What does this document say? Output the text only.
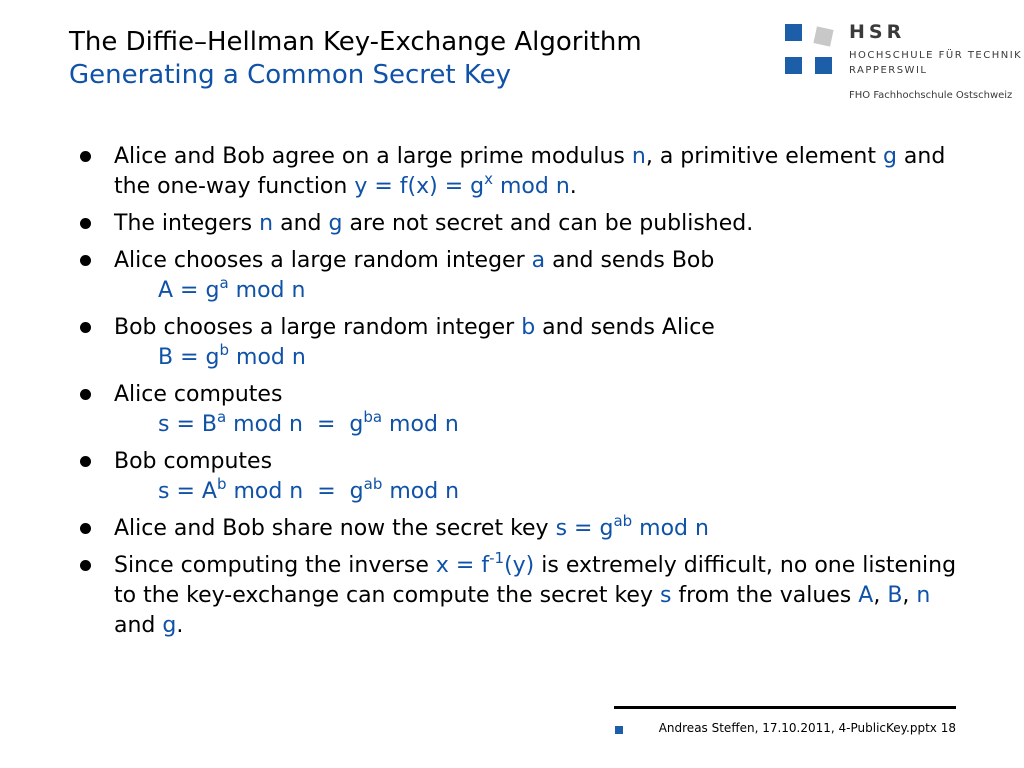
The Diffie–Hellman Key-Exchange Algorithm
Generating a Common Secret Key
HSR
HOCHSCHULE FÜR TECHNIK
RAPPERSWIL
FHO Fachhochschule Ostschweiz
Alice and Bob agree on a large prime modulus n, a primitive element g and the one-way function $y = f(x) = g^x$ mod n.
The integers n and g are not secret and can be published.
Alice chooses a large random integer a and sends Bob
$A = g^a$ mod n
Bob chooses a large random integer b and sends Alice
$B = g^b$ mod n
Alice computes
$s = B^a$ mod $n = g^{ba}$ mod n
Bob computes
$s = A^b$ mod $n = g^{ab}$ mod n
Alice and Bob share now the secret key $s = g^{ab}$ mod n
Since computing the inverse $x = f^{-1}(y)$ is extremely difficult, no one listening to the key-exchange can compute the secret key s from the values A, B, n and g.
Andreas Steffen, 17.10.2011, 4-PublicKey.pptx 18
